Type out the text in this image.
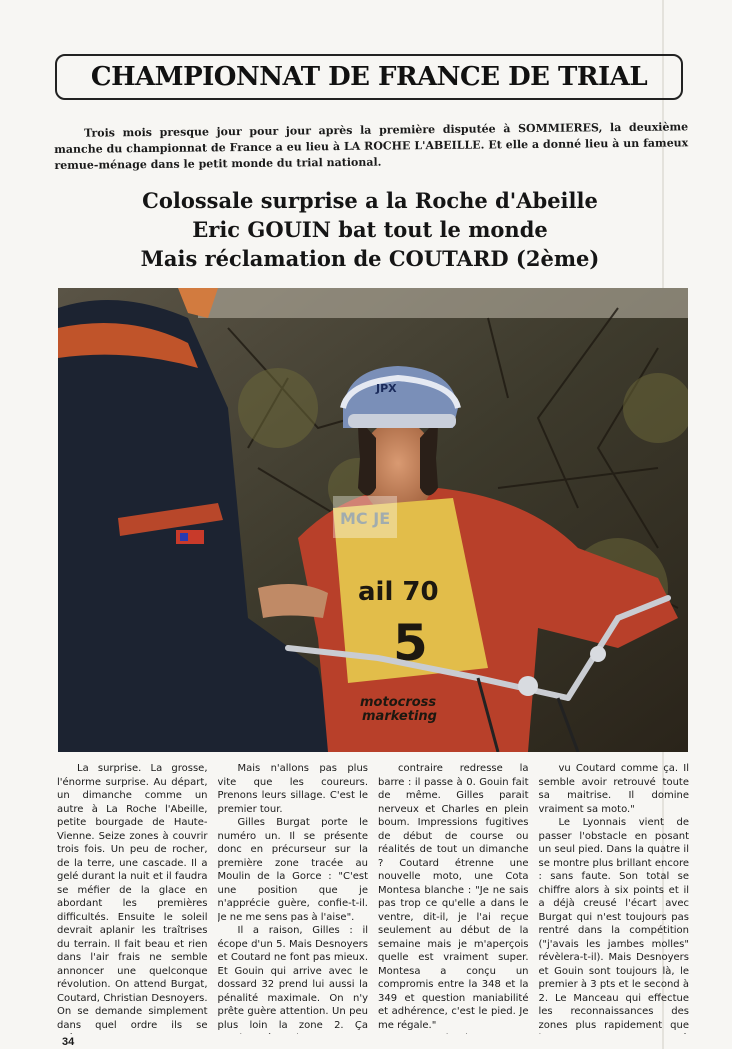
CHAMPIONNAT DE FRANCE DE TRIAL
Trois mois presque jour pour jour après la première disputée à SOMMIERES, la deuxième manche du championnat de France a eu lieu à LA ROCHE L'ABEILLE. Et elle a donné lieu à un fameux remue-ménage dans le petit monde du trial national.
Colossale surprise a la Roche d'Abeille
Eric GOUIN bat tout le monde
Mais réclamation de COUTARD (2ème)
JPX
ail 70
5
motocross
marketing
MC JE

La surprise. La grosse, l'énorme surprise. Au départ, un dimanche comme un autre à La Roche l'Abeille, petite bourgade de Haute-Vienne. Seize zones à couvrir trois fois. Un peu de rocher, de la terre, une cascade. Il a gelé durant la nuit et il faudra se méfier de la glace en abordant les premières difficultés. Ensuite le soleil devrait aplanir les traîtrises du terrain. Il fait beau et rien dans l'air frais ne semble annoncer une quelconque révolution. On attend Burgat, Coutard, Christian Desnoyers. On se demande simplement dans quel ordre ils se

Mais n'allons pas plus vite que les coureurs. Prenons leurs sillage. C'est le premier tour.

Gilles Burgat porte le numéro un. Il se présente donc en précurseur sur la première zone tracée au Moulin de la Gorce : "C'est une position que je n'apprécie guère, confie-t-il. Je ne me sens pas à l'aise".

Il a raison, Gilles : il écope d'un 5. Mais Desnoyers et Coutard ne font pas mieux. Et Gouin qui arrive avec le dossard 32 prend lui aussi la pénalité maximale. On n'y prête guère attention. Un peu plus loin la zone 2. Ça

contraire redresse la barre : il passe à 0. Gouin fait de même. Gilles parait nerveux et Charles en plein boum. Impressions fugitives de début de course ou réalités de tout un dimanche ? Coutard étrenne une nouvelle moto, une Cota Montesa blanche : "Je ne sais pas trop ce qu'elle a dans le ventre, dit-il, je l'ai reçue seulement au début de la semaine mais je m'aperçois quelle est vraiment super. Montesa a conçu un compromis entre la 348 et la 349 et question maniabilité et adhérence, c'est le pied. Je me régale."

vu Coutard comme ça. Il semble avoir retrouvé toute sa maitrise. Il domine vraiment sa moto."

Le Lyonnais vient de passer l'obstacle en posant un seul pied. Dans la quatre il se montre plus brillant encore : sans faute. Son total se chiffre alors à six points et il a déjà creusé l'écart avec Burgat qui n'est toujours pas rentré dans la compétition ("j'avais les jambes molles" révèlera-t-il). Mais Desnoyers et Gouin sont toujours là, le premier à 3 pts et le second à 2. Le Manceau qui effectue les reconnaissances des zones plus rapidement que

34
